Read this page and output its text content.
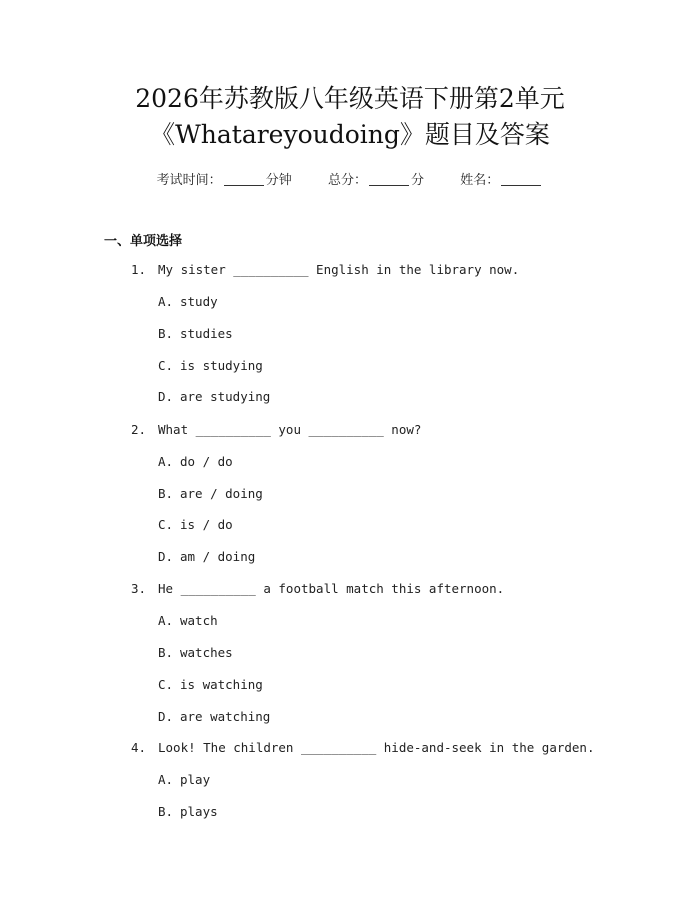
2026年苏教版八年级英语下册第2单元
《Whatareyoudoing》题目及答案
考试时间：	分钟	总分：	分	姓名：
一、单项选择
1. My sister __________ English in the library now.
A. study
B. studies
C. is studying
D. are studying
2. What __________ you __________ now?
A. do / do
B. are / doing
C. is / do
D. am / doing
3. He __________ a football match this afternoon.
A. watch
B. watches
C. is watching
D. are watching
4. Look! The children __________ hide-and-seek in the garden.
A. play
B. plays
